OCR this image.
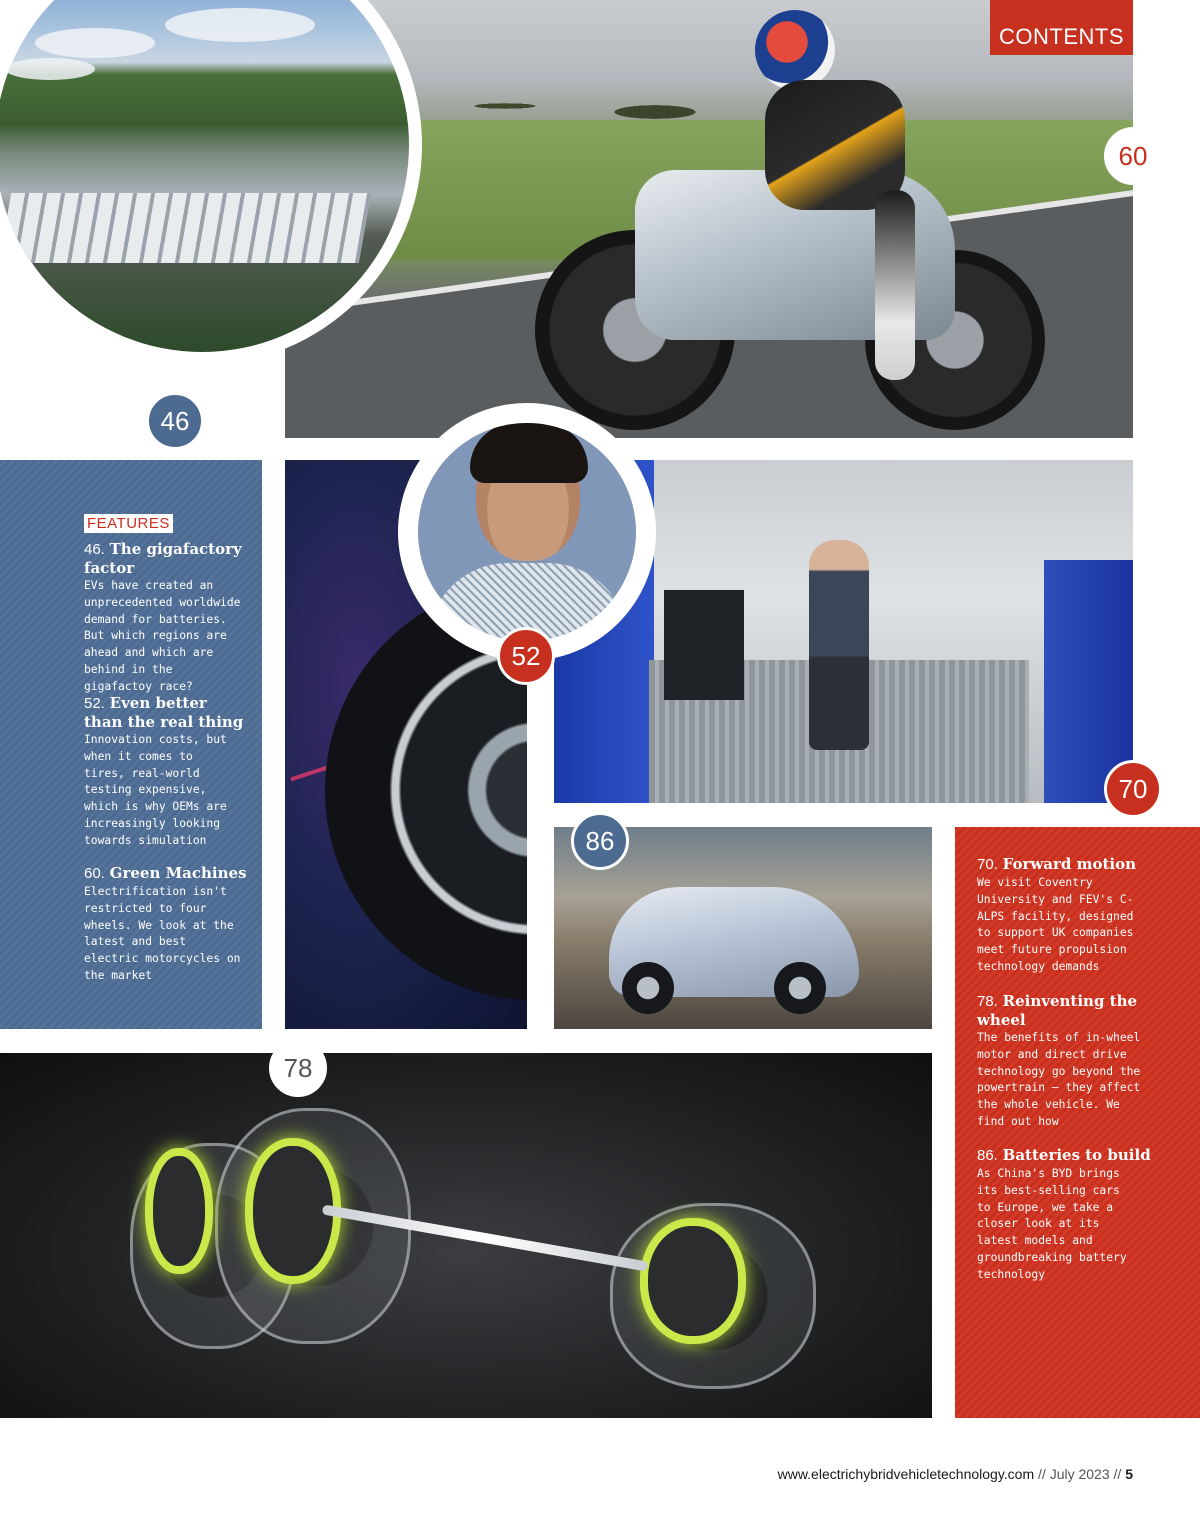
FEATURES
46. The gigafactory factor
EVs have created an unprecedented worldwide demand for batteries. But which regions are ahead and which are behind in the gigafactoy race?
52. Even better than the real thing
Innovation costs, but when it comes to tires, real-world testing expensive, which is why OEMs are increasingly looking towards simulation
60. Green Machines
Electrification isn't restricted to four wheels. We look at the latest and best electric motorcycles on the market
70. Forward motion
We visit Coventry University and FEV's C-ALPS facility, designed to support UK companies meet future propulsion technology demands
78. Reinventing the wheel
The benefits of in-wheel motor and direct drive technology go beyond the powertrain – they affect the whole vehicle. We find out how
86. Batteries to build
As China's BYD brings its best-selling cars to Europe, we take a closer look at its latest models and groundbreaking battery technology
CONTENTS
46
60
52
70
86
78
www.electrichybridvehicletechnology.com // July 2023 // 5
